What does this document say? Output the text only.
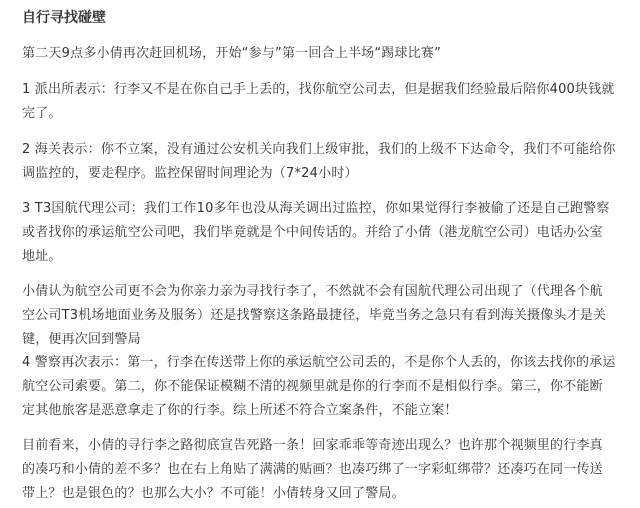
自行寻找碰壁
第二天9点多小倩再次赶回机场，开始“参与”第一回合上半场“踢球比赛”
1 派出所表示：行李又不是在你自己手上丢的，找你航空公司去，但是据我们经验最后陪你400块钱就
完了。
2 海关表示：你不立案，没有通过公安机关向我们上级审批，我们的上级不下达命令，我们不可能给你
调监控的，要走程序。监控保留时间理论为（7*24小时）
3 T3国航代理公司：我们工作10多年也没从海关调出过监控，你如果觉得行李被偷了还是自己跑警察
或者找你的承运航空公司吧，我们毕竟就是个中间传话的。并给了小倩（港龙航空公司）电话办公室
地址。
小倩认为航空公司更不会为你亲力亲为寻找行李了，不然就不会有国航代理公司出现了（代理各个航
空公司T3机场地面业务及服务）还是找警察这条路最捷径，毕竟当务之急只有看到海关摄像头才是关
键，便再次回到警局
4 警察再次表示：第一，行李在传送带上你的承运航空公司丢的，不是你个人丢的，你该去找你的承运
航空公司索要。第二，你不能保证模糊不清的视频里就是你的行李而不是相似行李。第三，你不能断
定其他旅客是恶意拿走了你的行李。综上所述不符合立案条件，不能立案！
目前看来，小倩的寻行李之路彻底宣告死路一条！回家乖乖等奇迹出现么？也许那个视频里的行李真
的凑巧和小倩的差不多？也在右上角贴了满满的贴画？也凑巧绑了一字彩虹绑带？还凑巧在同一传送
带上？也是银色的？也那么大小？不可能！小倩转身又回了警局。
